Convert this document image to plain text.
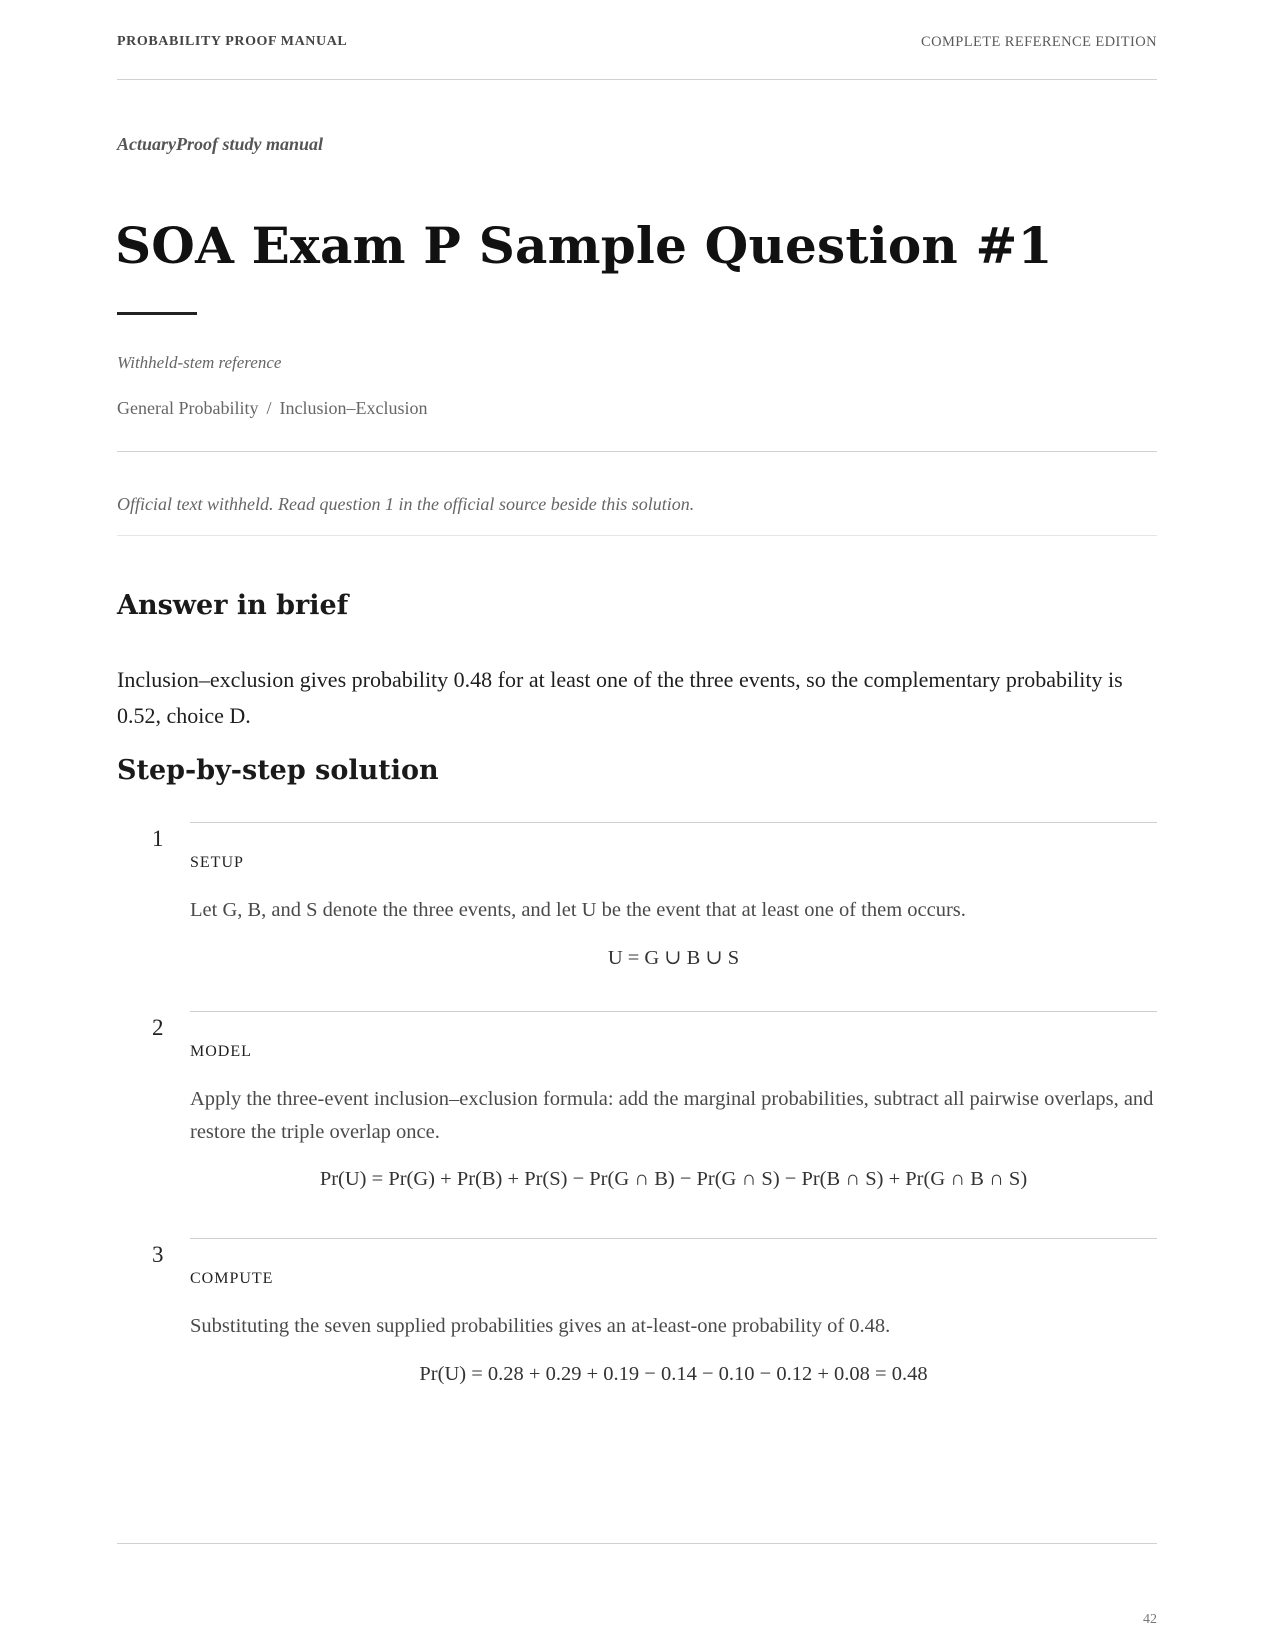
PROBABILITY PROOF MANUAL	COMPLETE REFERENCE EDITION
ActuaryProof study manual
SOA Exam P Sample Question #1
Withheld-stem reference
General Probability / Inclusion–Exclusion
Official text withheld. Read question 1 in the official source beside this solution.
Answer in brief

Inclusion–exclusion gives probability 0.48 for at least one of the three events, so the complementary probability is 0.52, choice D.

Step-by-step solution
1
SETUP

Let G, B, and S denote the three events, and let U be the event that at least one of them occurs.

U = G ∪ B ∪ S
2
MODEL

Apply the three-event inclusion–exclusion formula: add the marginal probabilities, subtract all pairwise overlaps, and restore the triple overlap once.

Pr(U) = Pr(G) + Pr(B) + Pr(S) − Pr(G ∩ B) − Pr(G ∩ S) − Pr(B ∩ S) + Pr(G ∩ B ∩ S)
3
COMPUTE

Substituting the seven supplied probabilities gives an at-least-one probability of 0.48.

Pr(U) = 0.28 + 0.29 + 0.19 − 0.14 − 0.10 − 0.12 + 0.08 = 0.48
42
